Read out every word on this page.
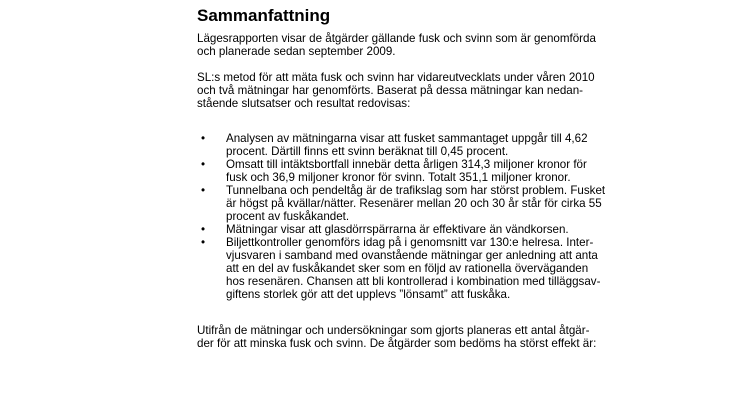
Sammanfattning

Lägesrapporten visar de åtgärder gällande fusk och svinn som är genomförda
och planerade sedan september 2009.

SL:s metod för att mäta fusk och svinn har vidareutvecklats under våren 2010
och två mätningar har genomförts. Baserat på dessa mätningar kan nedan-
stående slutsatser och resultat redovisas:

• Analysen av mätningarna visar att fusket sammantaget uppgår till 4,62
procent. Därtill finns ett svinn beräknat till 0,45 procent.
• Omsatt till intäktsbortfall innebär detta årligen 314,3 miljoner kronor för
fusk och 36,9 miljoner kronor för svinn. Totalt 351,1 miljoner kronor.
• Tunnelbana och pendeltåg är de trafikslag som har störst problem. Fusket
är högst på kvällar/nätter. Resenärer mellan 20 och 30 år står för cirka 55
procent av fuskåkandet.
• Mätningar visar att glasdörrspärrarna är effektivare än vändkorsen.
• Biljettkontroller genomförs idag på i genomsnitt var 130:e helresa. Inter-
vjusvaren i samband med ovanstående mätningar ger anledning att anta
att en del av fuskåkandet sker som en följd av rationella överväganden
hos resenären. Chansen att bli kontrollerad i kombination med tilläggsav-
giftens storlek gör att det upplevs ”lönsamt” att fuskåka.

Utifrån de mätningar och undersökningar som gjorts planeras ett antal åtgär-
der för att minska fusk och svinn. De åtgärder som bedöms ha störst effekt är:
